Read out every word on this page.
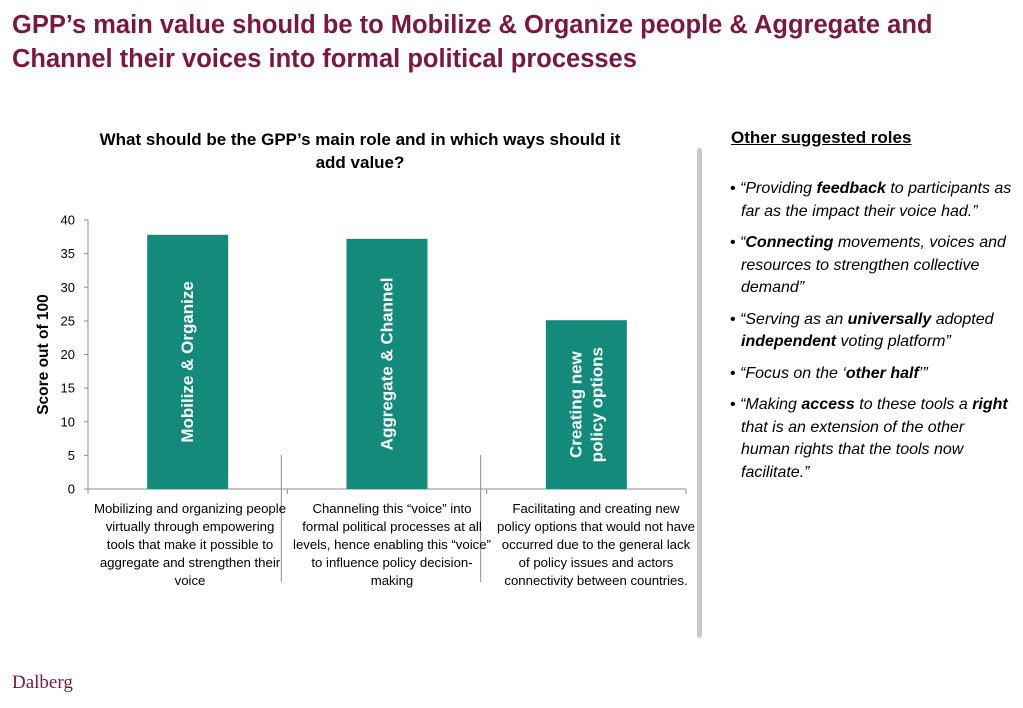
GPP’s main value should be to Mobilize & Organize people & Aggregate and Channel their voices into formal political processes
What should be the GPP’s main role and in which ways should it add value?
0
5
10
15
20
25
30
35
40
Score out of 100	Mobilize & Organize	Aggregate & Channel	Creating new policy options
Mobilizing and organizing people virtually through empowering tools that make it possible to aggregate and strengthen their voice
Channeling this “voice” into formal political processes at all levels, hence enabling this “voice” to influence policy decision-making
Facilitating and creating new policy options that would not have occurred due to the general lack of policy issues and actors connectivity between countries.
Other suggested roles
• “Providing feedback to participants as far as the impact their voice had.”
• “Connecting movements, voices and resources to strengthen collective demand”
• “Serving as an universally adopted independent voting platform”
• “Focus on the ‘other half’”
• “Making access to these tools a right that is an extension of the other human rights that the tools now facilitate.”
Dalberg
